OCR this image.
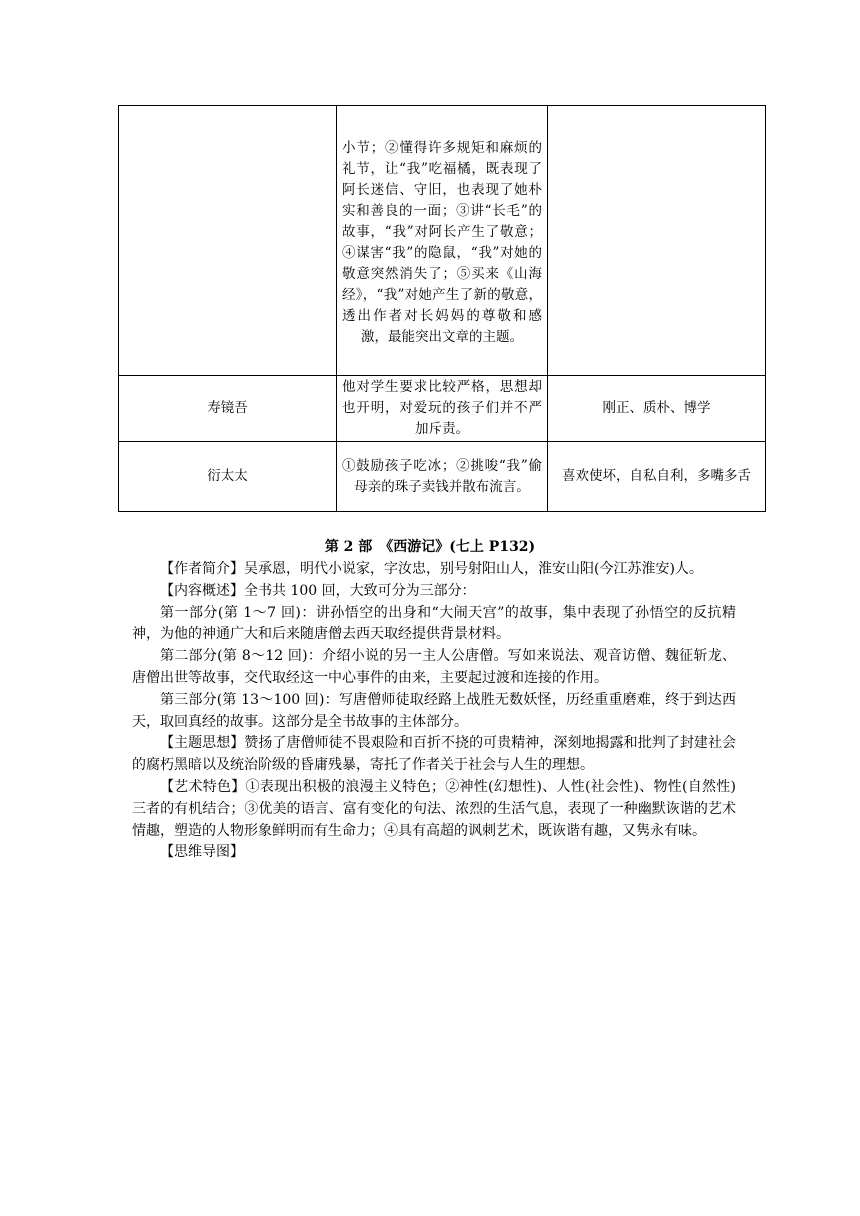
	小节；②懂得许多规矩和麻烦的礼节，让“我”吃福橘，既表现了阿长迷信、守旧，也表现了她朴实和善良的一面；③讲“长毛”的故事，“我”对阿长产生了敬意；④谋害“我”的隐鼠，“我”对她的敬意突然消失了；⑤买来《山海经》，“我”对她产生了新的敬意，透出作者对长妈妈的尊敬和感激，最能突出文章的主题。	
寿镜吾	他对学生要求比较严格，思想却也开明，对爱玩的孩子们并不严加斥责。	刚正、质朴、博学
衍太太	①鼓励孩子吃冰；②挑唆“我”偷母亲的珠子卖钱并散布流言。	喜欢使坏，自私自利，多嘴多舌
第 2 部　《西游记》(七上 P132)

【作者简介】吴承恩，明代小说家，字汝忠，别号射阳山人，淮安山阳(今江苏淮安)人。

【内容概述】全书共 100 回，大致可分为三部分：

第一部分(第 1～7 回)：讲孙悟空的出身和“大闹天宫”的故事，集中表现了孙悟空的反抗精神，为他的神通广大和后来随唐僧去西天取经提供背景材料。

第二部分(第 8～12 回)：介绍小说的另一主人公唐僧。写如来说法、观音访僧、魏征斩龙、唐僧出世等故事，交代取经这一中心事件的由来，主要起过渡和连接的作用。

第三部分(第 13～100 回)：写唐僧师徒取经路上战胜无数妖怪，历经重重磨难，终于到达西天，取回真经的故事。这部分是全书故事的主体部分。

【主题思想】赞扬了唐僧师徒不畏艰险和百折不挠的可贵精神，深刻地揭露和批判了封建社会的腐朽黑暗以及统治阶级的昏庸残暴，寄托了作者关于社会与人生的理想。

【艺术特色】①表现出积极的浪漫主义特色；②神性(幻想性)、人性(社会性)、物性(自然性)三者的有机结合；③优美的语言、富有变化的句法、浓烈的生活气息，表现了一种幽默诙谐的艺术情趣，塑造的人物形象鲜明而有生命力；④具有高超的讽刺艺术，既诙谐有趣，又隽永有味。

【思维导图】
